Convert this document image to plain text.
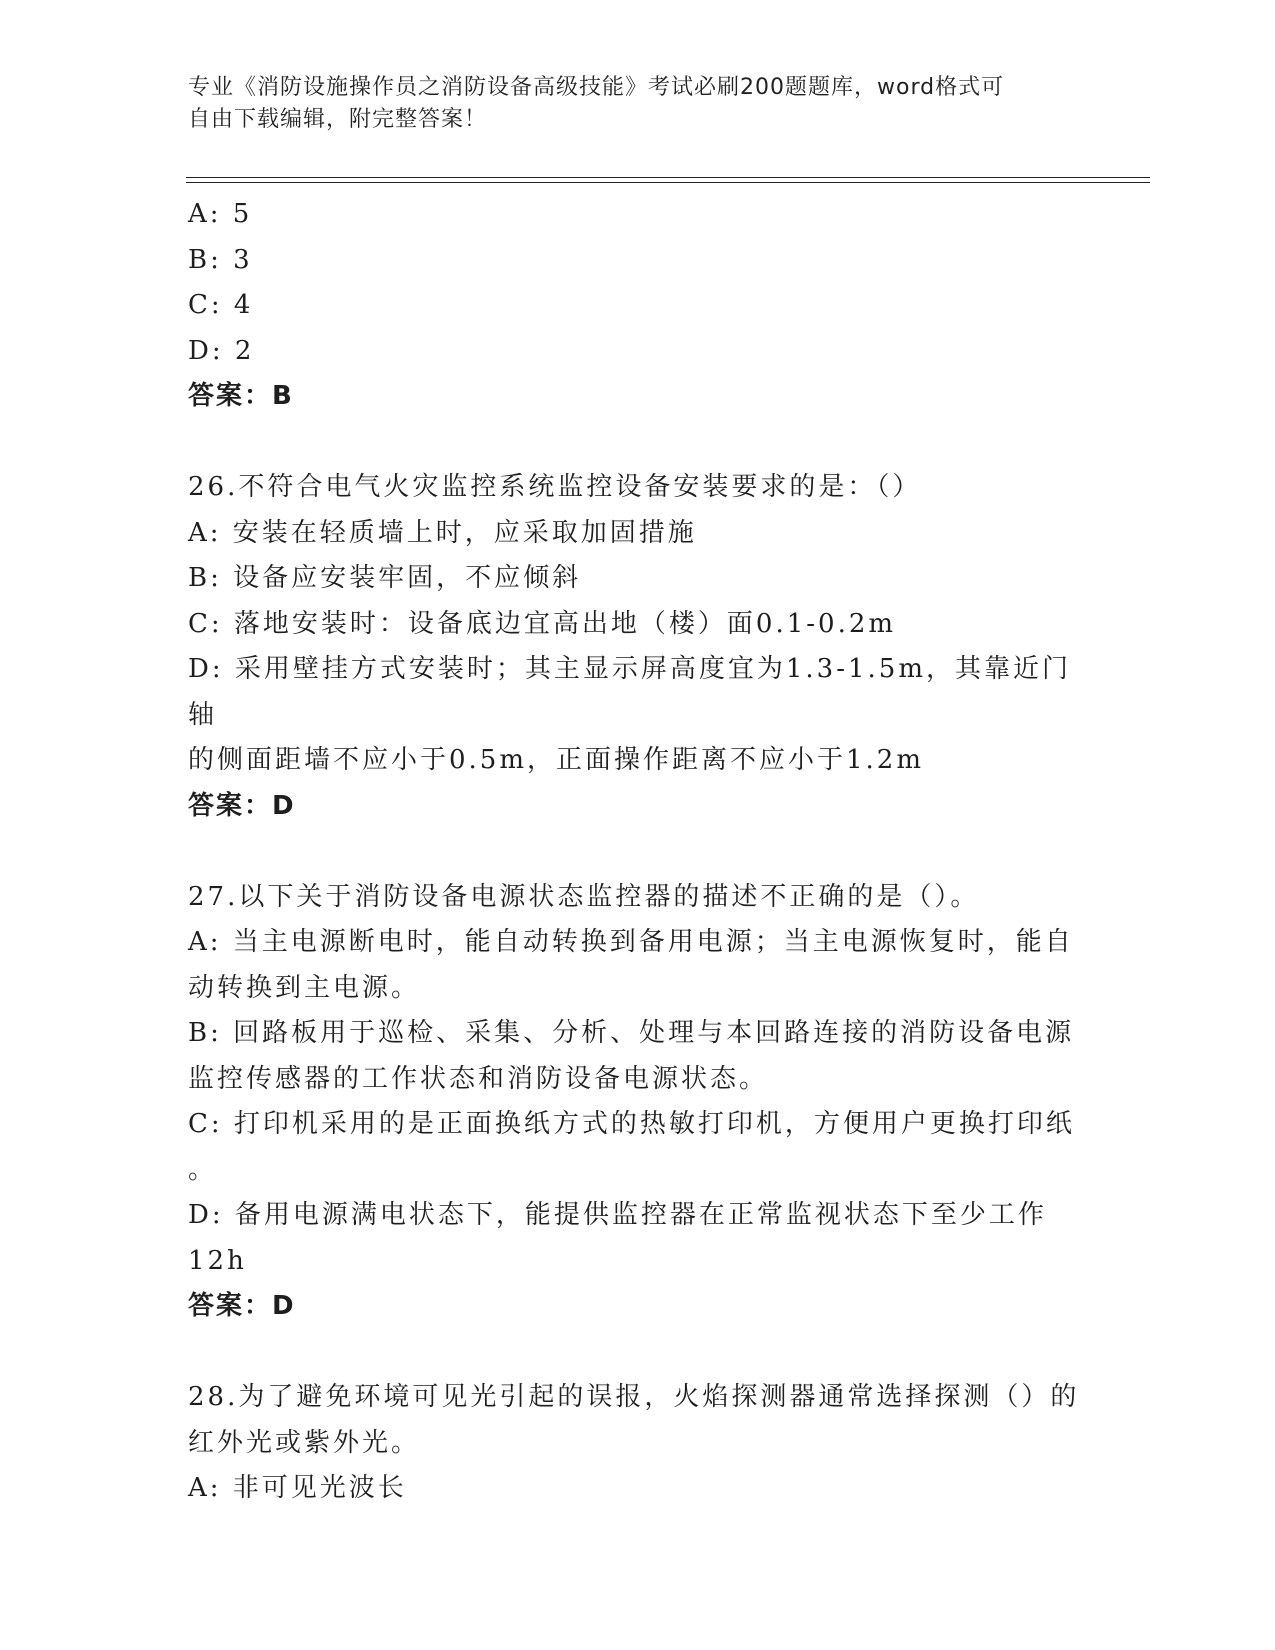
专业《消防设施操作员之消防设备高级技能》考试必刷200题题库，word格式可
自由下载编辑，附完整答案！

A: 5

B: 3

C: 4

D: 2

答案：B

26.不符合电气火灾监控系统监控设备安装要求的是：（）

A: 安装在轻质墙上时，应采取加固措施

B: 设备应安装牢固，不应倾斜

C: 落地安装时：设备底边宜高出地（楼）面0.1-0.2m

D: 采用壁挂方式安装时；其主显示屏高度宜为1.3-1.5m，其靠近门轴

的侧面距墙不应小于0.5m，正面操作距离不应小于1.2m

答案：D

27.以下关于消防设备电源状态监控器的描述不正确的是（）。

A: 当主电源断电时，能自动转换到备用电源；当主电源恢复时，能自

动转换到主电源。

B: 回路板用于巡检、采集、分析、处理与本回路连接的消防设备电源

监控传感器的工作状态和消防设备电源状态。

C: 打印机采用的是正面换纸方式的热敏打印机，方便用户更换打印纸

。

D: 备用电源满电状态下，能提供监控器在正常监视状态下至少工作

12h

答案：D

28.为了避免环境可见光引起的误报，火焰探测器通常选择探测（）的

红外光或紫外光。

A: 非可见光波长
